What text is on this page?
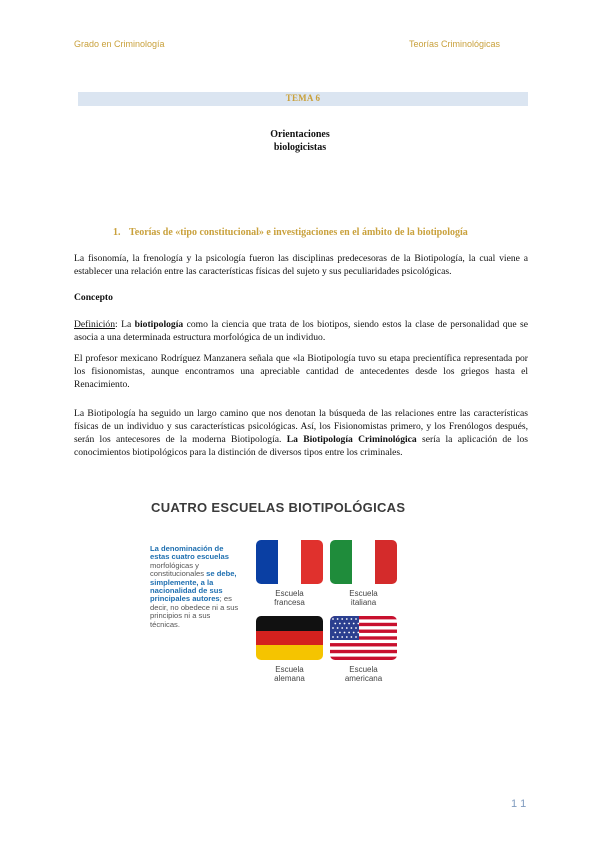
Grado en Criminología	Teorías Criminológicas
TEMA 6
Orientaciones
biologicistas
1. Teorías de «tipo constitucional» e investigaciones en el ámbito de la biotipología
La fisonomía, la frenología y la psicología fueron las disciplinas predecesoras de la Biotipología, la cual viene a establecer una relación entre las características físicas del sujeto y sus peculiaridades psicológicas.
Concepto
Definición: La biotipología como la ciencia que trata de los biotipos, siendo estos la clase de personalidad que se asocia a una determinada estructura morfológica de un individuo.
El profesor mexicano Rodríguez Manzanera señala que «la Biotipología tuvo su etapa precientífica representada por los fisionomistas, aunque encontramos una apreciable cantidad de antecedentes desde los griegos hasta el Renacimiento.
La Biotipología ha seguido un largo camino que nos denotan la búsqueda de las relaciones entre las características físicas de un individuo y sus características psicológicas. Así, los Fisionomistas primero, y los Frenólogos después, serán los antecesores de la moderna Biotipología. La Biotipología Criminológica sería la aplicación de los conocimientos biotipológicos para la distinción de diversos tipos entre los criminales.
CUATRO ESCUELAS BIOTIPOLÓGICAS
La denominación de estas cuatro escuelas morfológicas y constitucionales se debe, simplemente, a la nacionalidad de sus principales autores; es decir, no obedece ni a sus principios ni a sus técnicas.
Escuela
francesa
Escuela
italiana
Escuela
alemana
Escuela
americana
1 1
